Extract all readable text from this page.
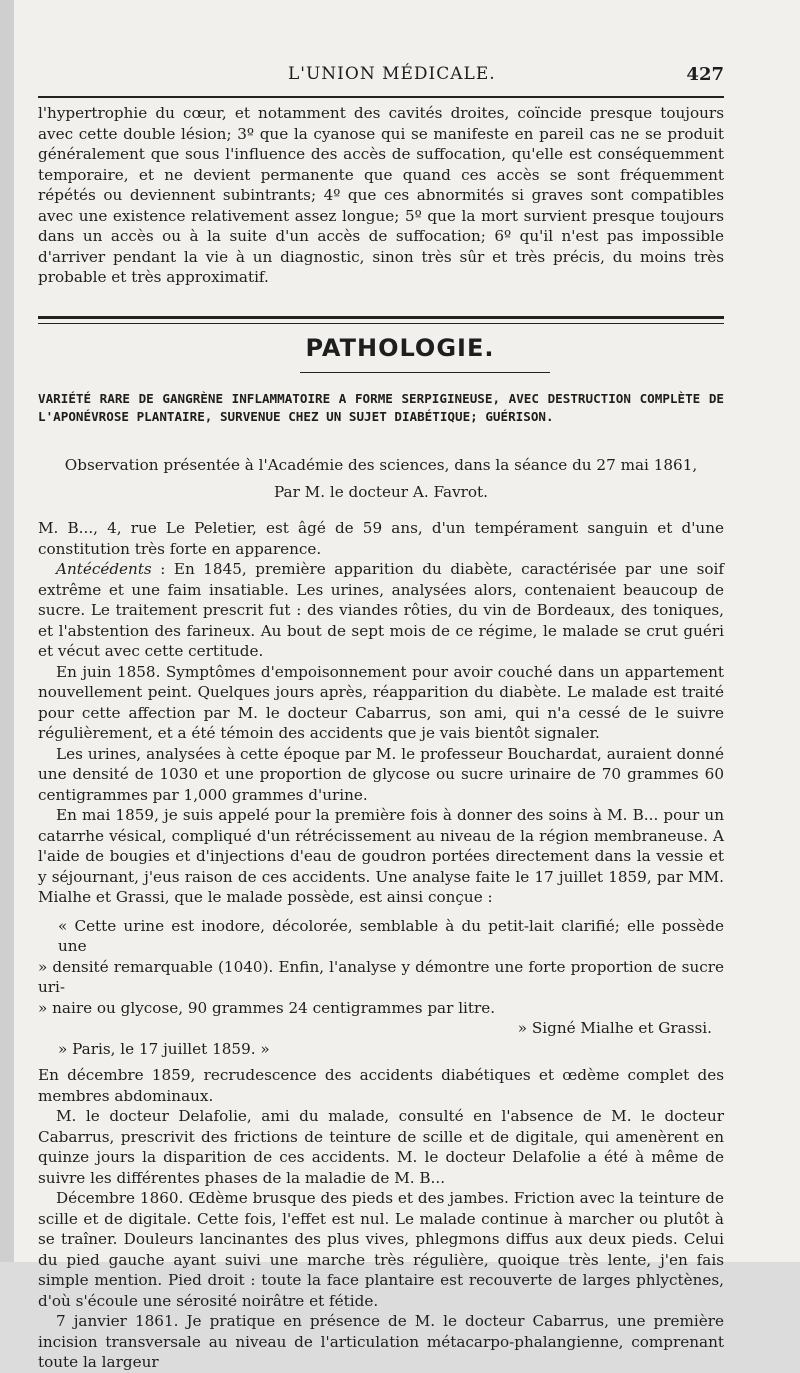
L'UNION MÉDICALE.	427

l'hypertrophie du cœur, et notamment des cavités droites, coïncide presque toujours avec cette double lésion; 3º que la cyanose qui se manifeste en pareil cas ne se produit généralement que sous l'influence des accès de suffocation, qu'elle est conséquemment temporaire, et ne devient permanente que quand ces accès se sont fréquemment répétés ou deviennent subintrants; 4º que ces abnormités si graves sont compatibles avec une existence relativement assez longue; 5º que la mort survient presque toujours dans un accès ou à la suite d'un accès de suffocation; 6º qu'il n'est pas impossible d'arriver pendant la vie à un diagnostic, sinon très sûr et très précis, du moins très probable et très approximatif.

PATHOLOGIE.
VARIÉTÉ RARE DE GANGRÈNE INFLAMMATOIRE A FORME SERPIGINEUSE, AVEC DESTRUCTION COMPLÈTE DE L'APONÉVROSE PLANTAIRE, SURVENUE CHEZ UN SUJET DIABÉTIQUE; GUÉRISON.
Observation présentée à l'Académie des sciences, dans la séance du 27 mai 1861,
Par M. le docteur A. Favrot.

M. B..., 4, rue Le Peletier, est âgé de 59 ans, d'un tempérament sanguin et d'une constitution très forte en apparence.

Antécédents : En 1845, première apparition du diabète, caractérisée par une soif extrême et une faim insatiable. Les urines, analysées alors, contenaient beaucoup de sucre. Le traitement prescrit fut : des viandes rôties, du vin de Bordeaux, des toniques, et l'abstention des farineux. Au bout de sept mois de ce régime, le malade se crut guéri et vécut avec cette certitude.

En juin 1858. Symptômes d'empoisonnement pour avoir couché dans un appartement nouvellement peint. Quelques jours après, réapparition du diabète. Le malade est traité pour cette affection par M. le docteur Cabarrus, son ami, qui n'a cessé de le suivre régulièrement, et a été témoin des accidents que je vais bientôt signaler.

Les urines, analysées à cette époque par M. le professeur Bouchardat, auraient donné une densité de 1030 et une proportion de glycose ou sucre urinaire de 70 grammes 60 centigrammes par 1,000 grammes d'urine.

En mai 1859, je suis appelé pour la première fois à donner des soins à M. B... pour un catarrhe vésical, compliqué d'un rétrécissement au niveau de la région membraneuse. A l'aide de bougies et d'injections d'eau de goudron portées directement dans la vessie et y séjournant, j'eus raison de ces accidents. Une analyse faite le 17 juillet 1859, par MM. Mialhe et Grassi, que le malade possède, est ainsi conçue :

« Cette urine est inodore, décolorée, semblable à du petit-lait clarifié; elle possède une

» densité remarquable (1040). Enfin, l'analyse y démontre une forte proportion de sucre uri-

» naire ou glycose, 90 grammes 24 centigrammes par litre.

» Signé Mialhe et Grassi.

» Paris, le 17 juillet 1859. »

En décembre 1859, recrudescence des accidents diabétiques et œdème complet des membres abdominaux.

M. le docteur Delafolie, ami du malade, consulté en l'absence de M. le docteur Cabarrus, prescrivit des frictions de teinture de scille et de digitale, qui amenèrent en quinze jours la disparition de ces accidents. M. le docteur Delafolie a été à même de suivre les différentes phases de la maladie de M. B...

Décembre 1860. Œdème brusque des pieds et des jambes. Friction avec la teinture de scille et de digitale. Cette fois, l'effet est nul. Le malade continue à marcher ou plutôt à se traîner. Douleurs lancinantes des plus vives, phlegmons diffus aux deux pieds. Celui du pied gauche ayant suivi une marche très régulière, quoique très lente, j'en fais simple mention. Pied droit : toute la face plantaire est recouverte de larges phlyctènes, d'où s'écoule une sérosité noirâtre et fétide.

7 janvier 1861. Je pratique en présence de M. le docteur Cabarrus, une première incision transversale au niveau de l'articulation métacarpo-phalangienne, comprenant toute la largeur
